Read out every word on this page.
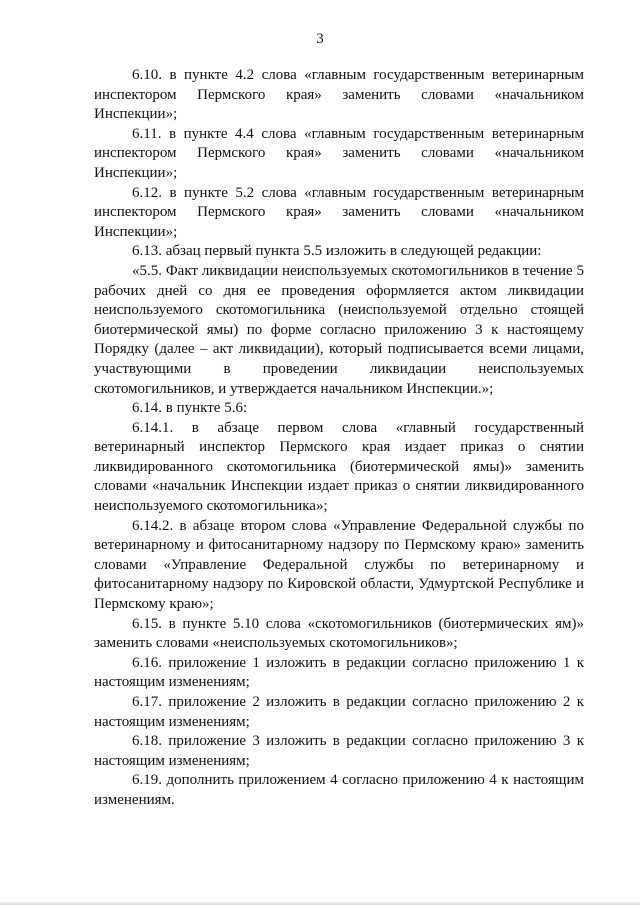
3

6.10. в пункте 4.2 слова «главным государственным ветеринарным инспектором Пермского края» заменить словами «начальником Инспекции»;

6.11. в пункте 4.4 слова «главным государственным ветеринарным инспектором Пермского края» заменить словами «начальником Инспекции»;

6.12. в пункте 5.2 слова «главным государственным ветеринарным инспектором Пермского края» заменить словами «начальником Инспекции»;

6.13. абзац первый пункта 5.5 изложить в следующей редакции:

«5.5. Факт ликвидации неиспользуемых скотомогильников в течение 5 рабочих дней со дня ее проведения оформляется актом ликвидации неиспользуемого скотомогильника (неиспользуемой отдельно стоящей биотермической ямы) по форме согласно приложению 3 к настоящему Порядку (далее – акт ликвидации), который подписывается всеми лицами, участвующими в проведении ликвидации неиспользуемых скотомогильников, и утверждается начальником Инспекции.»;

6.14. в пункте 5.6:

6.14.1. в абзаце первом слова «главный государственный ветеринарный инспектор Пермского края издает приказ о снятии ликвидированного скотомогильника (биотермической ямы)» заменить словами «начальник Инспекции издает приказ о снятии ликвидированного неиспользуемого скотомогильника»;

6.14.2. в абзаце втором слова «Управление Федеральной службы по ветеринарному и фитосанитарному надзору по Пермскому краю» заменить словами «Управление Федеральной службы по ветеринарному и фитосанитарному надзору по Кировской области, Удмуртской Республике и Пермскому краю»;

6.15. в пункте 5.10 слова «скотомогильников (биотермических ям)» заменить словами «неиспользуемых скотомогильников»;

6.16. приложение 1 изложить в редакции согласно приложению 1 к настоящим изменениям;

6.17. приложение 2 изложить в редакции согласно приложению 2 к настоящим изменениям;

6.18. приложение 3 изложить в редакции согласно приложению 3 к настоящим изменениям;

6.19. дополнить приложением 4 согласно приложению 4 к настоящим изменениям.
